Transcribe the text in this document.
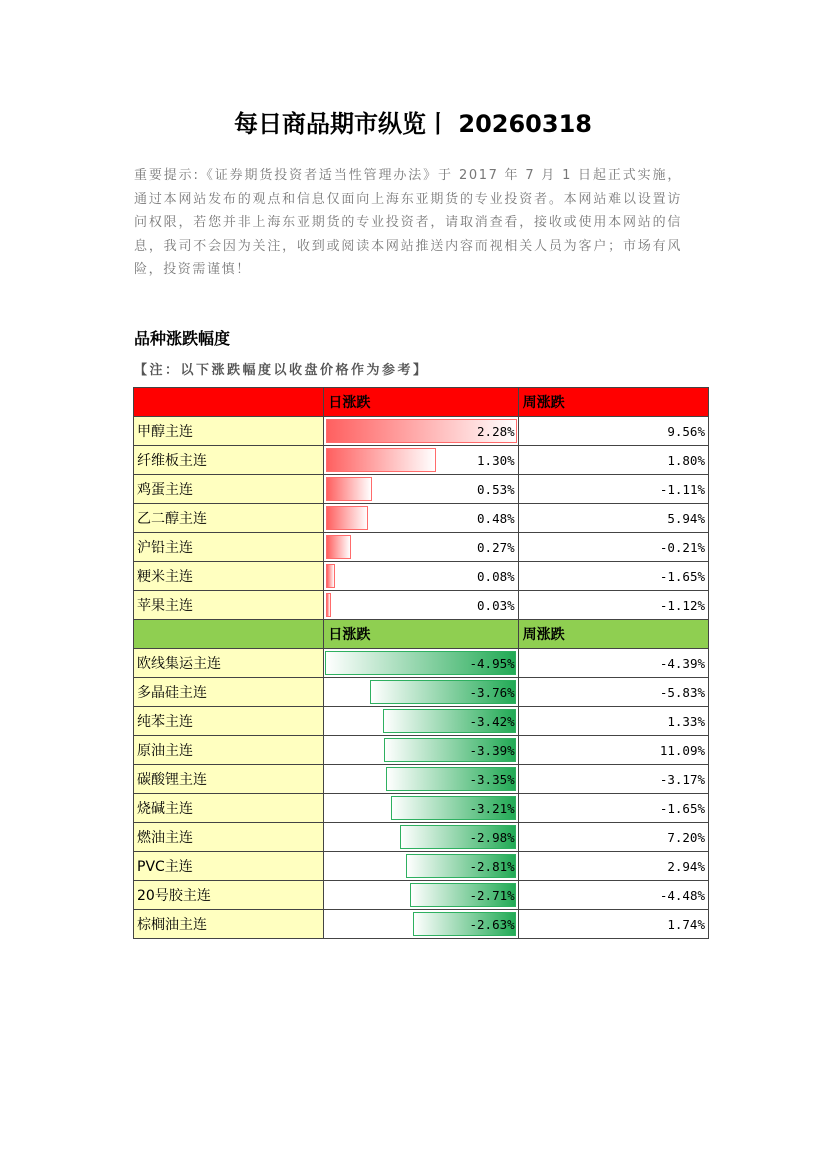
每日商品期市纵览丨 20260318
重要提示:《证券期货投资者适当性管理办法》于 2017 年 7 月 1 日起正式实施，通过本网站发布的观点和信息仅面向上海东亚期货的专业投资者。本网站难以设置访问权限，若您并非上海东亚期货的专业投资者，请取消查看，接收或使用本网站的信息，我司不会因为关注，收到或阅读本网站推送内容而视相关人员为客户；市场有风险，投资需谨慎！
品种涨跌幅度
【注：以下涨跌幅度以收盘价格作为参考】
	日涨跌	周涨跌
甲醇主连	2.28%	9.56%

纤维板主连	1.30%	1.80%

鸡蛋主连	0.53%	-1.11%

乙二醇主连	0.48%	5.94%

沪铅主连	0.27%	-0.21%

粳米主连	0.08%	-1.65%

苹果主连	0.03%	-1.12%

	日涨跌	周涨跌
欧线集运主连	-4.95%	-4.39%

多晶硅主连	-3.76%	-5.83%

纯苯主连	-3.42%	1.33%

原油主连	-3.39%	11.09%

碳酸锂主连	-3.35%	-3.17%

烧碱主连	-3.21%	-1.65%

燃油主连	-2.98%	7.20%

PVC主连	-2.81%	2.94%

20号胶主连	-2.71%	-4.48%

棕榈油主连	-2.63%	1.74%
